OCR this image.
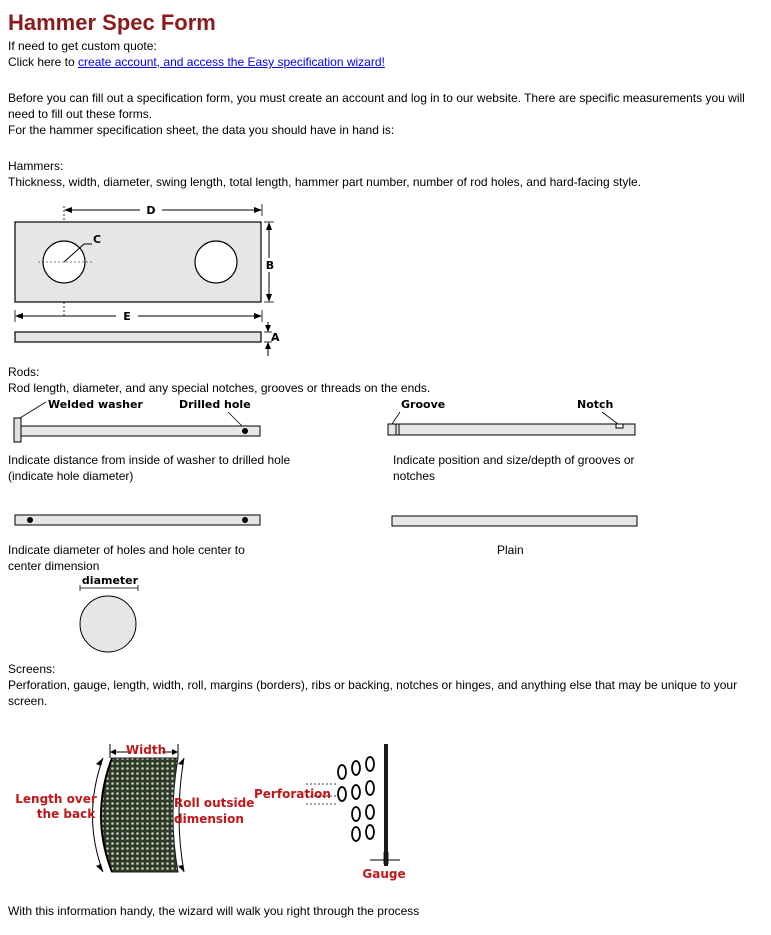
Hammer Spec Form
If need to get custom quote:
Click here to create account, and access the Easy specification wizard!
Before you can fill out a specification form, you must create an account and log in to our website. There are specific measurements you will need to fill out these forms.
For the hammer specification sheet, the data you should have in hand is:
Hammers:
Thickness, width, diameter, swing length, total length, hammer part number, number of rod holes, and hard-facing style.
D
C
B
E
A
Rods:
Rod length, diameter, and any special notches, grooves or threads on the ends.
Welded washer	Drilled hole	Groove	Notch
Indicate distance from inside of washer to drilled hole (indicate hole diameter)
Indicate position and size/depth of grooves or notches
Indicate diameter of holes and hole center to center dimension
Plain
diameter
Screens:
Perforation, gauge, length, width, roll, margins (borders), ribs or backing, notches or hinges, and anything else that may be unique to your screen.
Width
Length over
the back
Roll outside
dimension
Perforation
Gauge
With this information handy, the wizard will walk you right through the process
